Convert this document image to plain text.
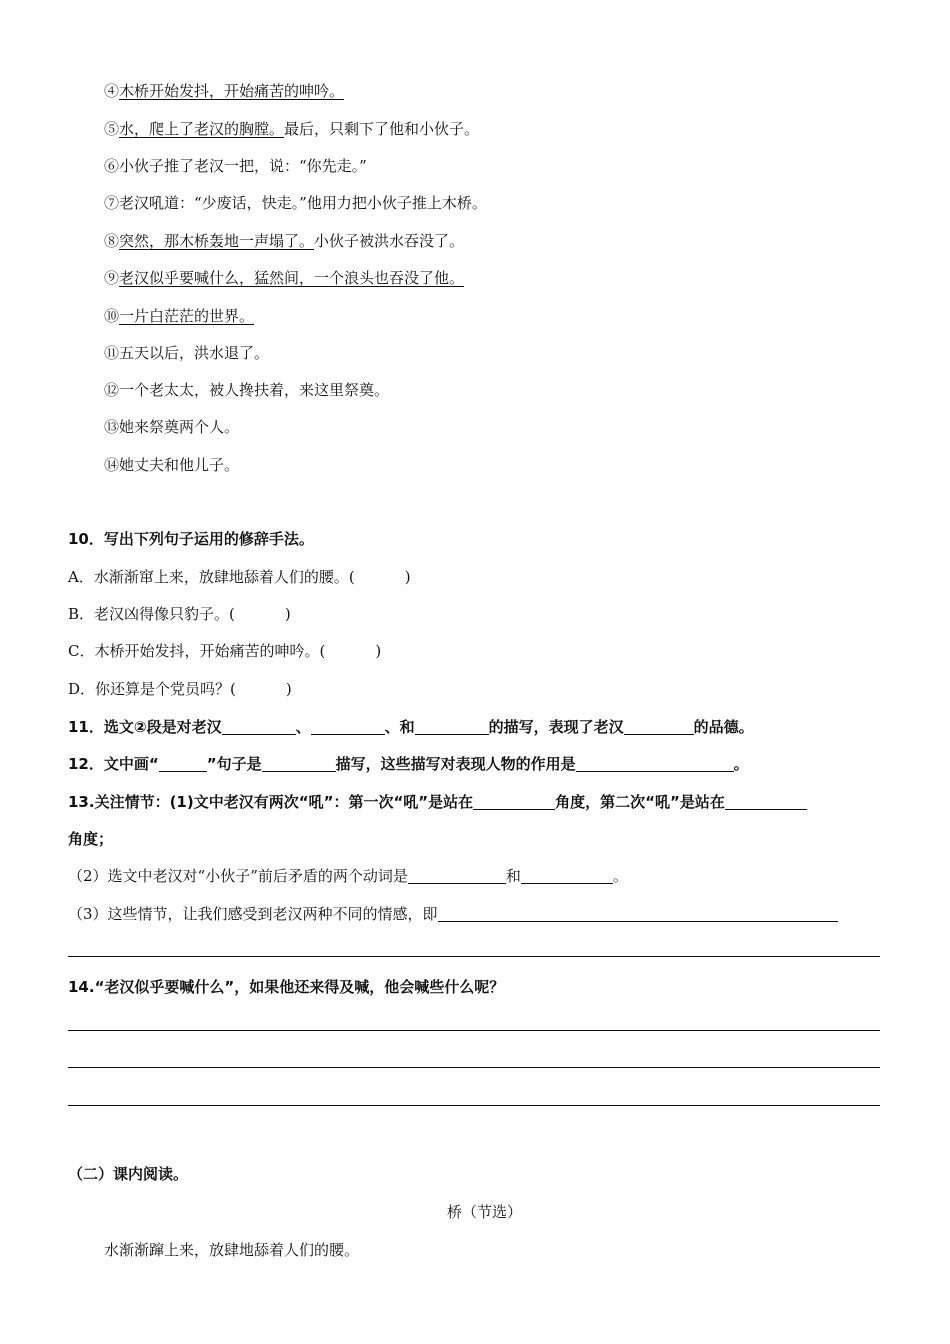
④木桥开始发抖，开始痛苦的呻吟。
⑤水，爬上了老汉的胸膛。最后，只剩下了他和小伙子。
⑥小伙子推了老汉一把，说：“你先走。”
⑦老汉吼道：“少废话，快走。”他用力把小伙子推上木桥。
⑧突然，那木桥轰地一声塌了。小伙子被洪水吞没了。
⑨老汉似乎要喊什么，猛然间，一个浪头也吞没了他。
⑩一片白茫茫的世界。
⑪五天以后，洪水退了。
⑫一个老太太，被人搀扶着，来这里祭奠。
⑬她来祭奠两个人。
⑭她丈夫和他儿子。
10．写出下列句子运用的修辞手法。
A．水渐渐窜上来，放肆地舔着人们的腰。(	)
B．老汉凶得像只豹子。(	)
C．木桥开始发抖，开始痛苦的呻吟。(	)
D．你还算是个党员吗？(	)
11．选文②段是对老汉	、	、和	的描写，表现了老汉	的品德。
12．文中画“	”句子是	描写，这些描写对表现人物的作用是	。
13.关注情节：(1)文中老汉有两次“吼”：第一次“吼”是站在	角度，第二次“吼”是站在
角度；
（2）选文中老汉对“小伙子”前后矛盾的两个动词是	和	。
（3）这些情节，让我们感受到老汉两种不同的情感，即
14.“老汉似乎要喊什么”，如果他还来得及喊，他会喊些什么呢？
（二）课内阅读。
桥（节选）
水渐渐蹿上来，放肆地舔着人们的腰。
